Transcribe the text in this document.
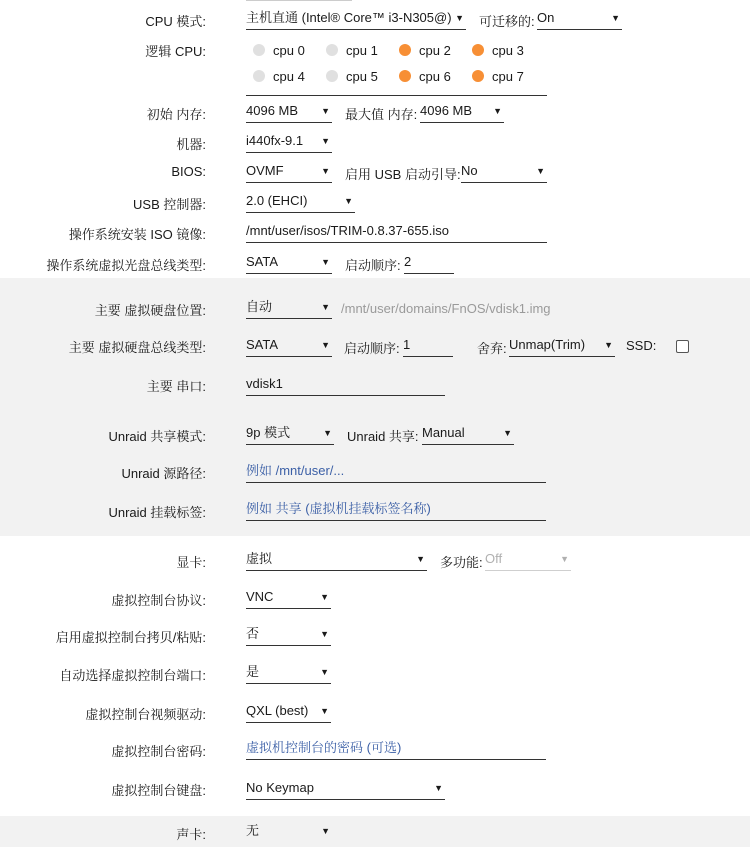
CPU 模式:	主机直通 (Intel® Core™ i3-N305@) ▼ 可迁移的: On	▼
逻辑 CPU:	cpu 0	cpu 1	cpu 2	cpu 3
cpu 4	cpu 5	cpu 6	cpu 7
初始 内存:	4096 MB	▼ 最大值 内存: 4096 MB ▼
机器:	i440fx-9.1 ▼
BIOS:	OVMF	▼ 启用 USB 启动引导: No	▼
USB 控制器:	2.0 (EHCI)	▼
操作系统安装 ISO 镜像:	/mnt/user/isos/TRIM-0.8.37-655.iso
操作系统虚拟光盘总线类型:	SATA	▼ 启动顺序: 2
主要 虚拟硬盘位置:	自动	▼ /mnt/user/domains/FnOS/vdisk1.img
主要 虚拟硬盘总线类型:	SATA	▼ 启动顺序: 1	舍弃: Unmap(Trim) ▼ SSD:
主要 串口:	vdisk1
Unraid 共享模式:	9p 模式	▼ Unraid 共享: Manual	▼
Unraid 源路径:	例如 /mnt/user/...
Unraid 挂载标签:	例如 共享 (虚拟机挂载标签名称)
显卡:	虚拟	▼ 多功能: Off	▼
虚拟控制台协议:	VNC	▼
启用虚拟控制台拷贝/粘贴:	否	▼
自动选择虚拟控制台端口:	是	▼
虚拟控制台视频驱动:	QXL (best) ▼
虚拟控制台密码:	虚拟机控制台的密码 (可选)
虚拟控制台键盘:	No Keymap	▼
声卡:	无	▼
